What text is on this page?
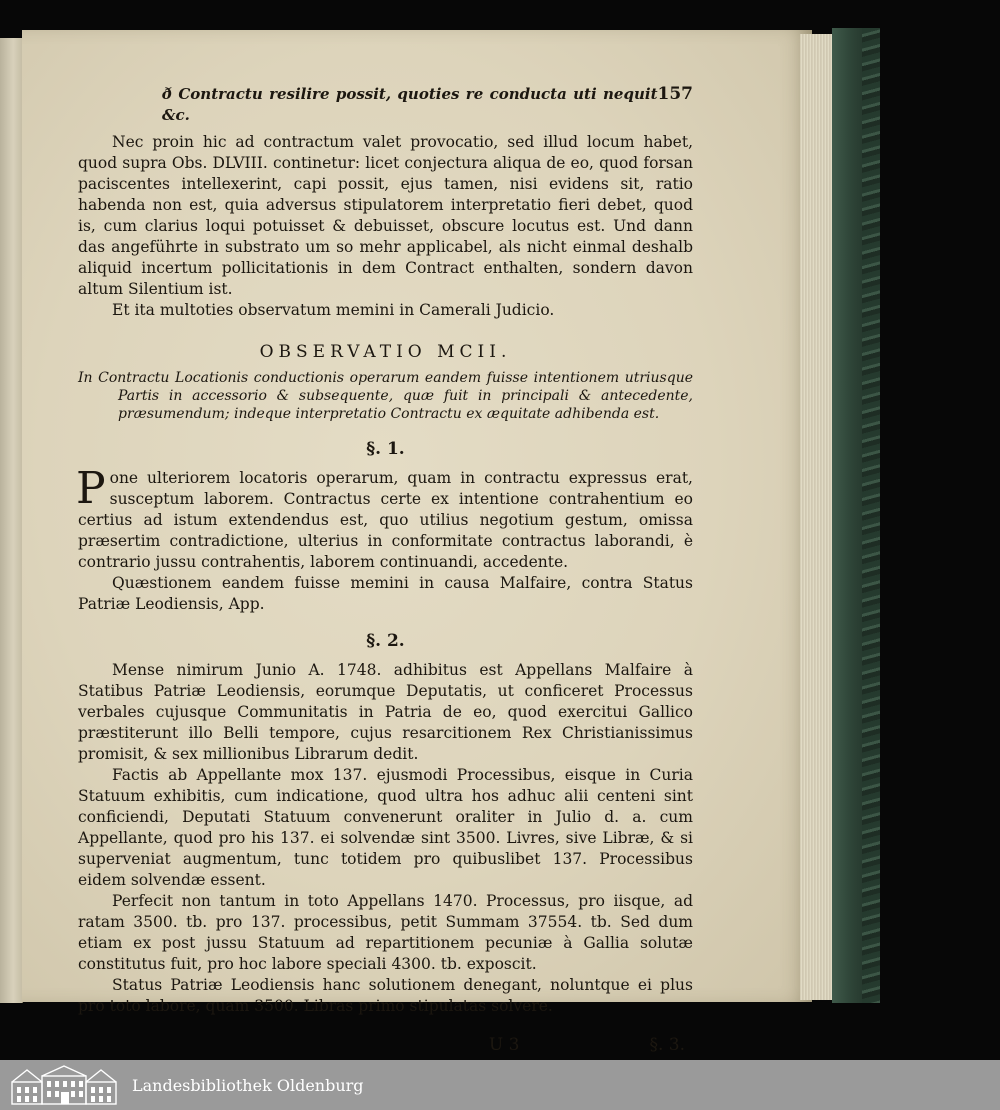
ð Contractu resilire possit, quoties re conducta uti nequit &c.
157

Nec proin hic ad contractum valet provocatio, sed illud locum habet, quod supra Obs. DLVIII. continetur: licet conjectura aliqua de eo, quod forsan paciscentes intellexerint, capi possit, ejus tamen, nisi evidens sit, ratio habenda non est, quia adversus stipulatorem interpretatio fieri debet, quod is, cum clarius loqui potuisset & debuisset, obscure locutus est. Und dann das angeführte in substrato um so mehr applicabel, als nicht einmal deshalb aliquid incertum pollicitationis in dem Contract enthalten, sondern davon altum Silentium ist.

Et ita multoties observatum memini in Camerali Judicio.

OBSERVATIO MCII.

In Contractu Locationis conductionis operarum eandem fuisse intentionem utriusque Partis in accessorio & subsequente, quæ fuit in principali & antecedente, præsumendum; indeque interpretatio Contractu ex æquitate adhibenda est.

§. 1.

Pone ulteriorem locatoris operarum, quam in contractu expressus erat, susceptum laborem. Contractus certe ex intentione contrahentium eo certius ad istum extendendus est, quo utilius negotium gestum, omissa præsertim contradictione, ulterius in conformitate contractus laborandi, è contrario jussu contrahentis, laborem continuandi, accedente.

Quæstionem eandem fuisse memini in causa Malfaire, contra Status Patriæ Leodiensis, App.

§. 2.

Mense nimirum Junio A. 1748. adhibitus est Appellans Malfaire à Statibus Patriæ Leodiensis, eorumque Deputatis, ut conficeret Processus verbales cujusque Communitatis in Patria de eo, quod exercitui Gallico præstiterunt illo Belli tempore, cujus resarcitionem Rex Christianissimus promisit, & sex millionibus Librarum dedit.

Factis ab Appellante mox 137. ejusmodi Processibus, eisque in Curia Statuum exhibitis, cum indicatione, quod ultra hos adhuc alii centeni sint conficiendi, Deputati Statuum convenerunt oraliter in Julio d. a. cum Appellante, quod pro his 137. ei solvendæ sint 3500. Livres, sive Libræ, & si superveniat augmentum, tunc totidem pro quibuslibet 137. Processibus eidem solvendæ essent.

Perfecit non tantum in toto Appellans 1470. Processus, pro iisque, ad ratam 3500. tb. pro 137. processibus, petit Summam 37554. tb. Sed dum etiam ex post jussu Statuum ad repartitionem pecuniæ à Gallia solutæ constitutus fuit, pro hoc labore speciali 4300. tb. exposcit.

Status Patriæ Leodiensis hanc solutionem denegant, noluntque ei plus pro toto labore, quam 3500. Libras primo stipulatas solvere.

U 3	§. 3.
Landesbibliothek Oldenburg
